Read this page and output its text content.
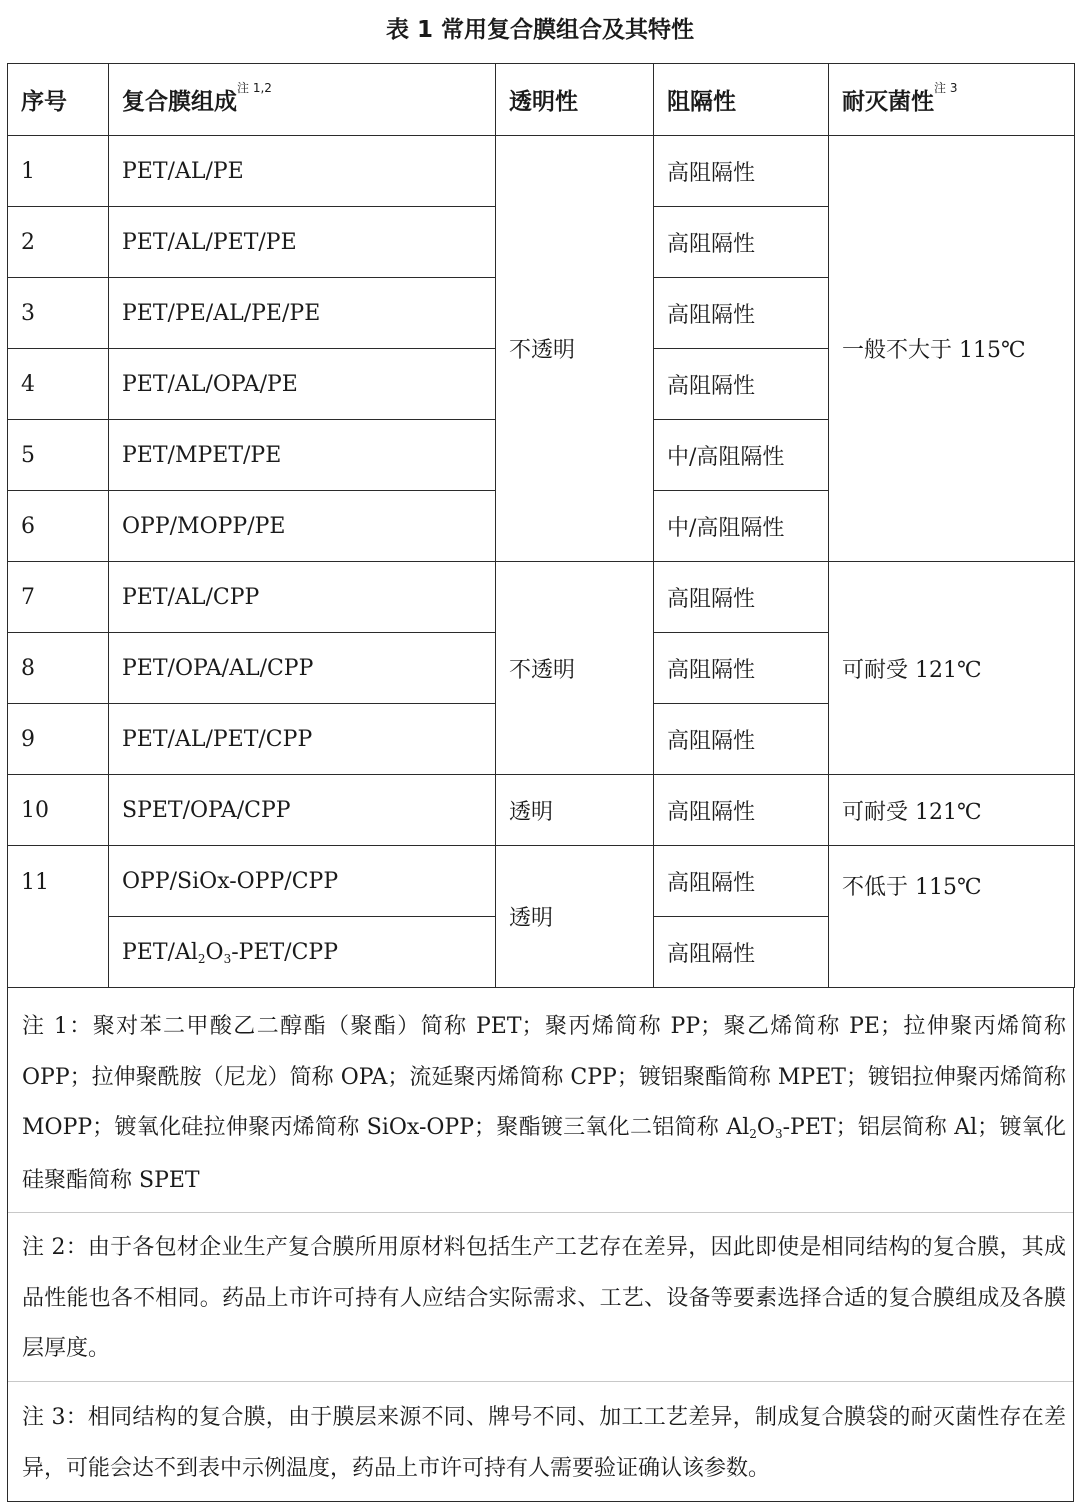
表 1 常用复合膜组合及其特性
序号	复合膜组成$^{注 1,2}$	透明性	阻隔性	耐灭菌性$^{注 3}$
1	PET/AL/PE	不透明	高阻隔性	一般不大于 115℃
2	PET/AL/PET/PE		高阻隔性	
3	PET/PE/AL/PE/PE		高阻隔性	
4	PET/AL/OPA/PE		高阻隔性	
5	PET/MPET/PE		中/高阻隔性	
6	OPP/MOPP/PE		中/高阻隔性	
7	PET/AL/CPP	不透明	高阻隔性	可耐受 121℃
8	PET/OPA/AL/CPP		高阻隔性	
9	PET/AL/PET/CPP		高阻隔性	
10	SPET/OPA/CPP	透明	高阻隔性	可耐受 121℃
11	OPP/SiOx-OPP/CPP	透明	高阻隔性	不低于 115℃
	PET/$Al_2O_3-PET$/CPP		高阻隔性	
注 1：聚对苯二甲酸乙二醇酯（聚酯）简称 PET；聚丙烯简称 PP；聚乙烯简称 PE；拉伸聚丙烯简称 OPP；拉伸聚酰胺（尼龙）简称 OPA；流延聚丙烯简称 CPP；镀铝聚酯简称 MPET；镀铝拉伸聚丙烯简称 MOPP；镀氧化硅拉伸聚丙烯简称 SiOx-OPP；聚酯镀三氧化二铝简称 $Al_2O_3$-PET；铝层简称 Al；镀氧化硅聚酯简称 SPET
注 2：由于各包材企业生产复合膜所用原材料包括生产工艺存在差异，因此即使是相同结构的复合膜，其成品性能也各不相同。药品上市许可持有人应结合实际需求、工艺、设备等要素选择合适的复合膜组成及各膜层厚度。
注 3：相同结构的复合膜，由于膜层来源不同、牌号不同、加工工艺差异，制成复合膜袋的耐灭菌性存在差异，可能会达不到表中示例温度，药品上市许可持有人需要验证确认该参数。
